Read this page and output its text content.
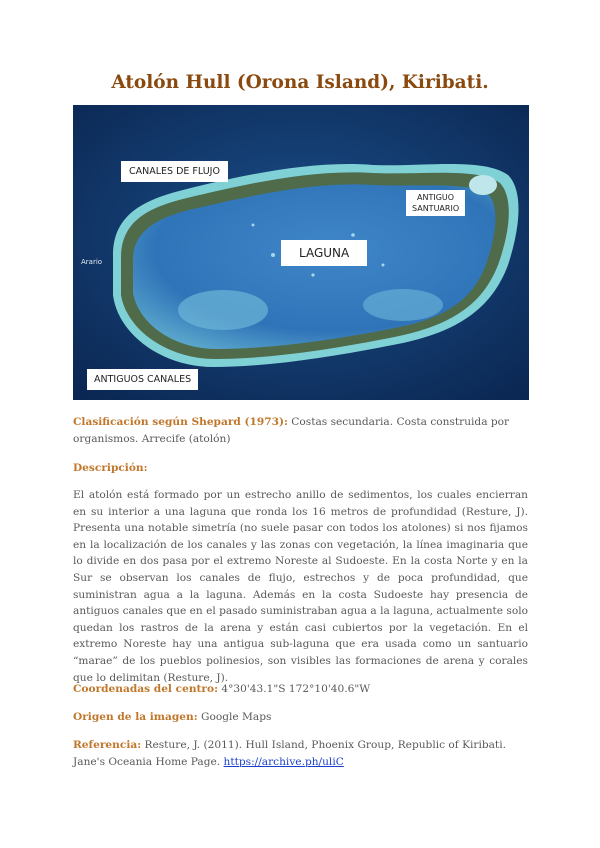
Atolón Hull (Orona Island), Kiribati.
CANALES DE FLUJO
ANTIGUO
SANTUARIO
LAGUNA
ANTIGUOS CANALES
Arario
Clasificación según Shepard (1973): Costas secundaria. Costa construida por organismos. Arrecife (atolón)
Descripción:
El atolón está formado por un estrecho anillo de sedimentos, los cuales encierran en su interior a una laguna que ronda los 16 metros de profundidad (Resture, J). Presenta una notable simetría (no suele pasar con todos los atolones) si nos fijamos en la localización de los canales y las zonas con vegetación, la línea imaginaria que lo divide en dos pasa por el extremo Noreste al Sudoeste. En la costa Norte y en la Sur se observan los canales de flujo, estrechos y de poca profundidad, que suministran agua a la laguna. Además en la costa Sudoeste hay presencia de antiguos canales que en el pasado suministraban agua a la laguna, actualmente solo quedan los rastros de la arena y están casi cubiertos por la vegetación. En el extremo Noreste hay una antigua sub-laguna que era usada como un santuario “marae” de los pueblos polinesios, son visibles las formaciones de arena y corales que lo delimitan (Resture, J).
Coordenadas del centro: 4°30'43.1"S 172°10'40.6"W
Origen de la imagen: Google Maps
Referencia: Resture, J. (2011). Hull Island, Phoenix Group, Republic of Kiribati. Jane's Oceania Home Page. https://archive.ph/uliC
